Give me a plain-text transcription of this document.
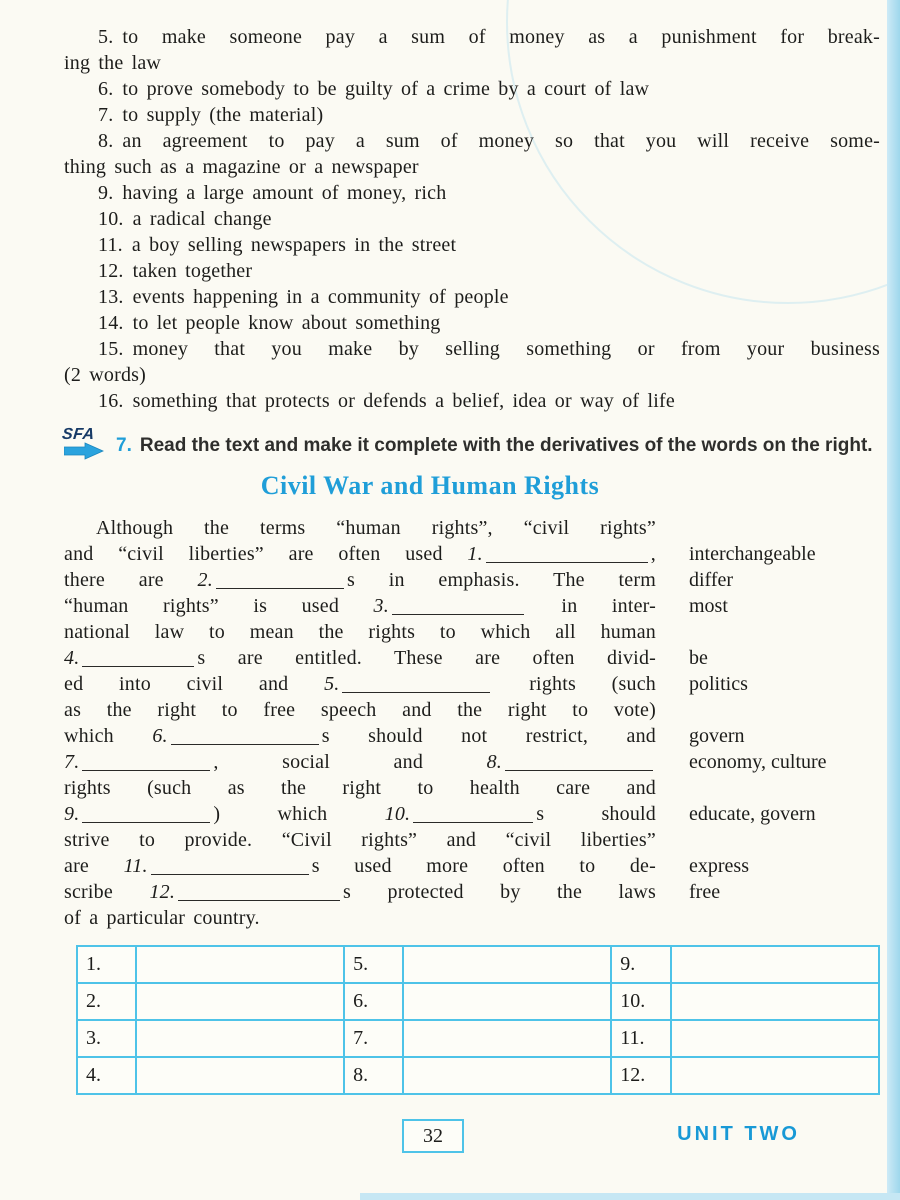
5. to make someone pay a sum of money as a punishment for break-
ing the law
6. to prove somebody to be guilty of a crime by a court of law
7. to supply (the material)
8. an agreement to pay a sum of money so that you will receive some-
thing such as a magazine or a newspaper
9. having a large amount of money, rich
10. a radical change
11. a boy selling newspapers in the street
12. taken together
13. events happening in a community of people
14. to let people know about something
15. money that you make by selling something or from your business
(2 words)
16. something that protects or defends a belief, idea or way of life
SFA

7. Read the text and make it complete with the derivatives of the words on the right.

Civil War and Human Rights
Although the terms “human rights”, “civil rights”
and “civil liberties” are often used 1.	, interchangeable
there are 2.	s in emphasis. The term differ
“human rights” is used 3.	in inter- most
national law to mean the rights to which all human
4.	s are entitled. These are often divid- be
ed into civil and 5.	rights (such politics
as the right to free speech and the right to vote)
which 6.	s should not restrict, and govern
7.	, social and 8.	economy, culture
rights (such as the right to health care and
9.	) which 10.	s should educate, govern
strive to provide. “Civil rights” and “civil liberties”
are 11.	s used more often to de- express
scribe 12.	s protected by the laws free
of a particular country.
1.		5.		9.	
2.		6.		10.	
3.		7.		11.	
4.		8.		12.	
32	UNIT TWO
